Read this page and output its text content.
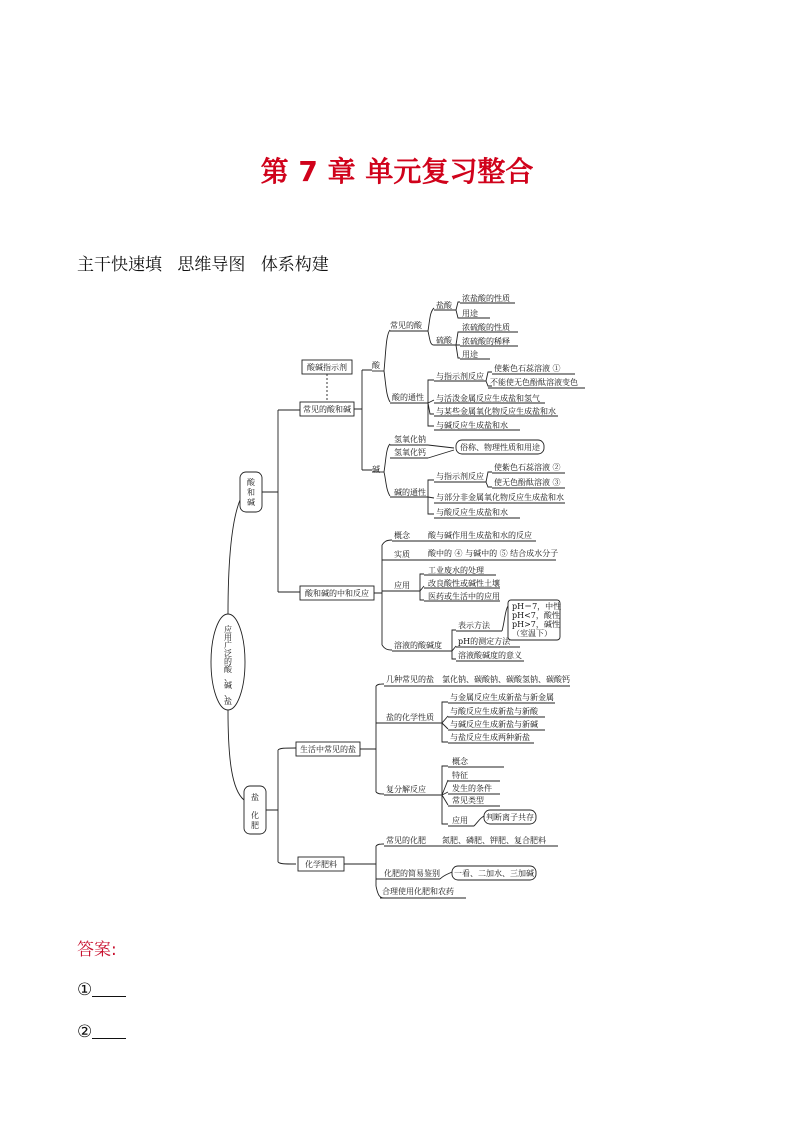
第 7 章 单元复习整合
主干快速填 思维导图 体系构建
应
用
广
泛
的
酸
、
碱
、
盐
酸
和
碱
盐
化
肥
酸碱指示剂
常见的酸和碱
酸和碱的中和反应
酸
碱
常见的酸
盐酸
浓盐酸的性质
用途
硫酸
浓硫酸的性质
浓硫酸的稀释
用途
酸的通性
与指示剂反应
使紫色石蕊溶液 ①
不能使无色酚酞溶液变色
与活泼金属反应生成盐和氢气
与某些金属氧化物反应生成盐和水
与碱反应生成盐和水
氢氧化钠
氢氧化钙
俗称、物理性质和用途
碱的通性
与指示剂反应
使紫色石蕊溶液 ②
使无色酚酞溶液 ③
与部分非金属氧化物反应生成盐和水
与酸反应生成盐和水
概念 酸与碱作用生成盐和水的反应
实质 酸中的 ④ 与碱中的 ⑤ 结合成水分子
应用
工业废水的处理
改良酸性或碱性土壤
医药或生活中的应用
溶液的酸碱度
表示方法
pH＝7，中性
pH<7，酸性
pH>7，碱性
（室温下）
pH的测定方法
溶液酸碱度的意义
生活中常见的盐
化学肥料
几种常见的盐 氯化钠、碳酸钠、碳酸氢钠、碳酸钙
盐的化学性质
与金属反应生成新盐与新金属
与酸反应生成新盐与新酸
与碱反应生成新盐与新碱
与盐反应生成两种新盐
复分解反应
概念
特征
发生的条件
常见类型
应用 判断离子共存
常见的化肥 氮肥、磷肥、钾肥、复合肥料
化肥的简易鉴别 一看、二加水、三加碱
合理使用化肥和农药
答案:
①
②
